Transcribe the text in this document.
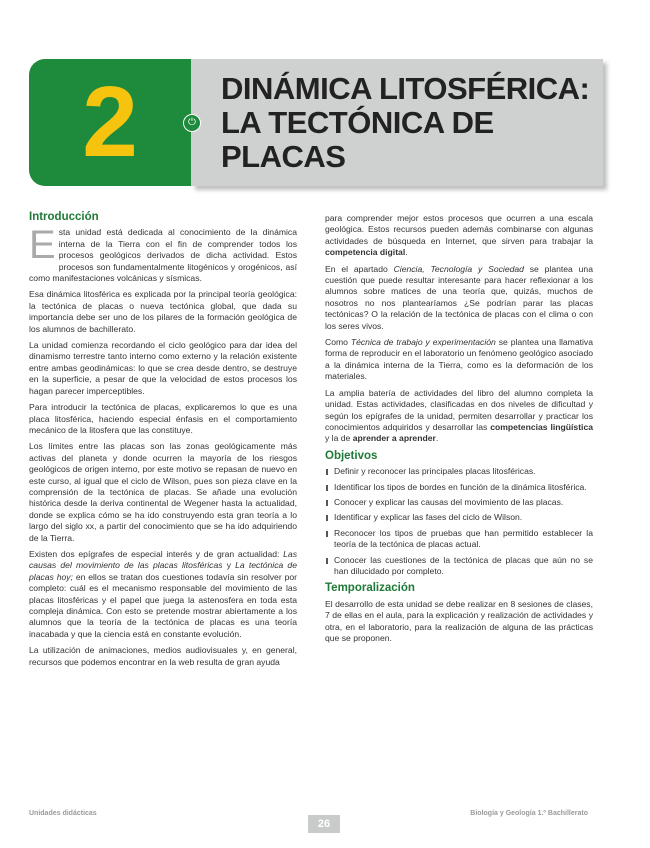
2	⏻
DINÁMICA LITOSFÉRICA:
LA TECTÓNICA DE
PLACAS
Introducción

Esta unidad está dedicada al conocimiento de la dinámica interna de la Tierra con el fin de comprender todos los procesos geológicos derivados de dicha actividad. Estos procesos son fundamentalmente litogénicos y orogénicos, así como manifestaciones volcánicas y sísmicas.

Esa dinámica litosférica es explicada por la principal teoría geológica: la tectónica de placas o nueva tectónica global, que dada su importancia debe ser uno de los pilares de la formación geológica de los alumnos de bachillerato.

La unidad comienza recordando el ciclo geológico para dar idea del dinamismo terrestre tanto interno como externo y la relación existente entre ambas geodinámicas: lo que se crea desde dentro, se destruye en la superficie, a pesar de que la velocidad de estos procesos los hagan parecer imperceptibles.

Para introducir la tectónica de placas, explicaremos lo que es una placa litosférica, haciendo especial énfasis en el comportamiento mecánico de la litosfera que las constituye.

Los límites entre las placas son las zonas geológicamente más activas del planeta y donde ocurren la mayoría de los riesgos geológicos de origen interno, por este motivo se repasan de nuevo en este curso, al igual que el ciclo de Wilson, pues son pieza clave en la comprensión de la tectónica de placas. Se añade una evolución histórica desde la deriva continental de Wegener hasta la actualidad, donde se explica cómo se ha ido construyendo esta gran teoría a lo largo del siglo xx, a partir del conocimiento que se ha ido adquiriendo de la Tierra.

Existen dos epígrafes de especial interés y de gran actualidad: Las causas del movimiento de las placas litosféricas y La tectónica de placas hoy; en ellos se tratan dos cuestiones todavía sin resolver por completo: cuál es el mecanismo responsable del movimiento de las placas litosféricas y el papel que juega la astenosfera en toda esta compleja dinámica. Con esto se pretende mostrar abiertamente a los alumnos que la teoría de la tectónica de placas es una teoría inacabada y que la ciencia está en constante evolución.

La utilización de animaciones, medios audiovisuales y, en general, recursos que podemos encontrar en la web resulta de gran ayuda

para comprender mejor estos procesos que ocurren a una escala geológica. Estos recursos pueden además combinarse con algunas actividades de búsqueda en Internet, que sirven para trabajar la competencia digital.

En el apartado Ciencia, Tecnología y Sociedad se plantea una cuestión que puede resultar interesante para hacer reflexionar a los alumnos sobre matices de una teoría que, quizás, muchos de nosotros no nos plantearíamos ¿Se podrían parar las placas tectónicas? O la relación de la tectónica de placas con el clima o con los seres vivos.

Como Técnica de trabajo y experimentación se plantea una llamativa forma de reproducir en el laboratorio un fenómeno geológico asociado a la dinámica interna de la Tierra, como es la deformación de los materiales.

La amplia batería de actividades del libro del alumno completa la unidad. Estas actividades, clasificadas en dos niveles de dificultad y según los epígrafes de la unidad, permiten desarrollar y practicar los conocimientos adquiridos y desarrollar las competencias lingüística y la de aprender a aprender.

Objetivos
Definir y reconocer las principales placas litosféricas.
Identificar los tipos de bordes en función de la dinámica litosférica.
Conocer y explicar las causas del movimiento de las placas.
Identificar y explicar las fases del ciclo de Wilson.
Reconocer los tipos de pruebas que han permitido establecer la teoría de la tectónica de placas actual.
Conocer las cuestiones de la tectónica de placas que aún no se han dilucidado por completo.
Temporalización

El desarrollo de esta unidad se debe realizar en 8 sesiones de clases, 7 de ellas en el aula, para la explicación y realización de actividades y otra, en el laboratorio, para la realización de alguna de las prácticas que se proponen.

Unidades didácticas
26
Biología y Geología 1.º Bachillerato
